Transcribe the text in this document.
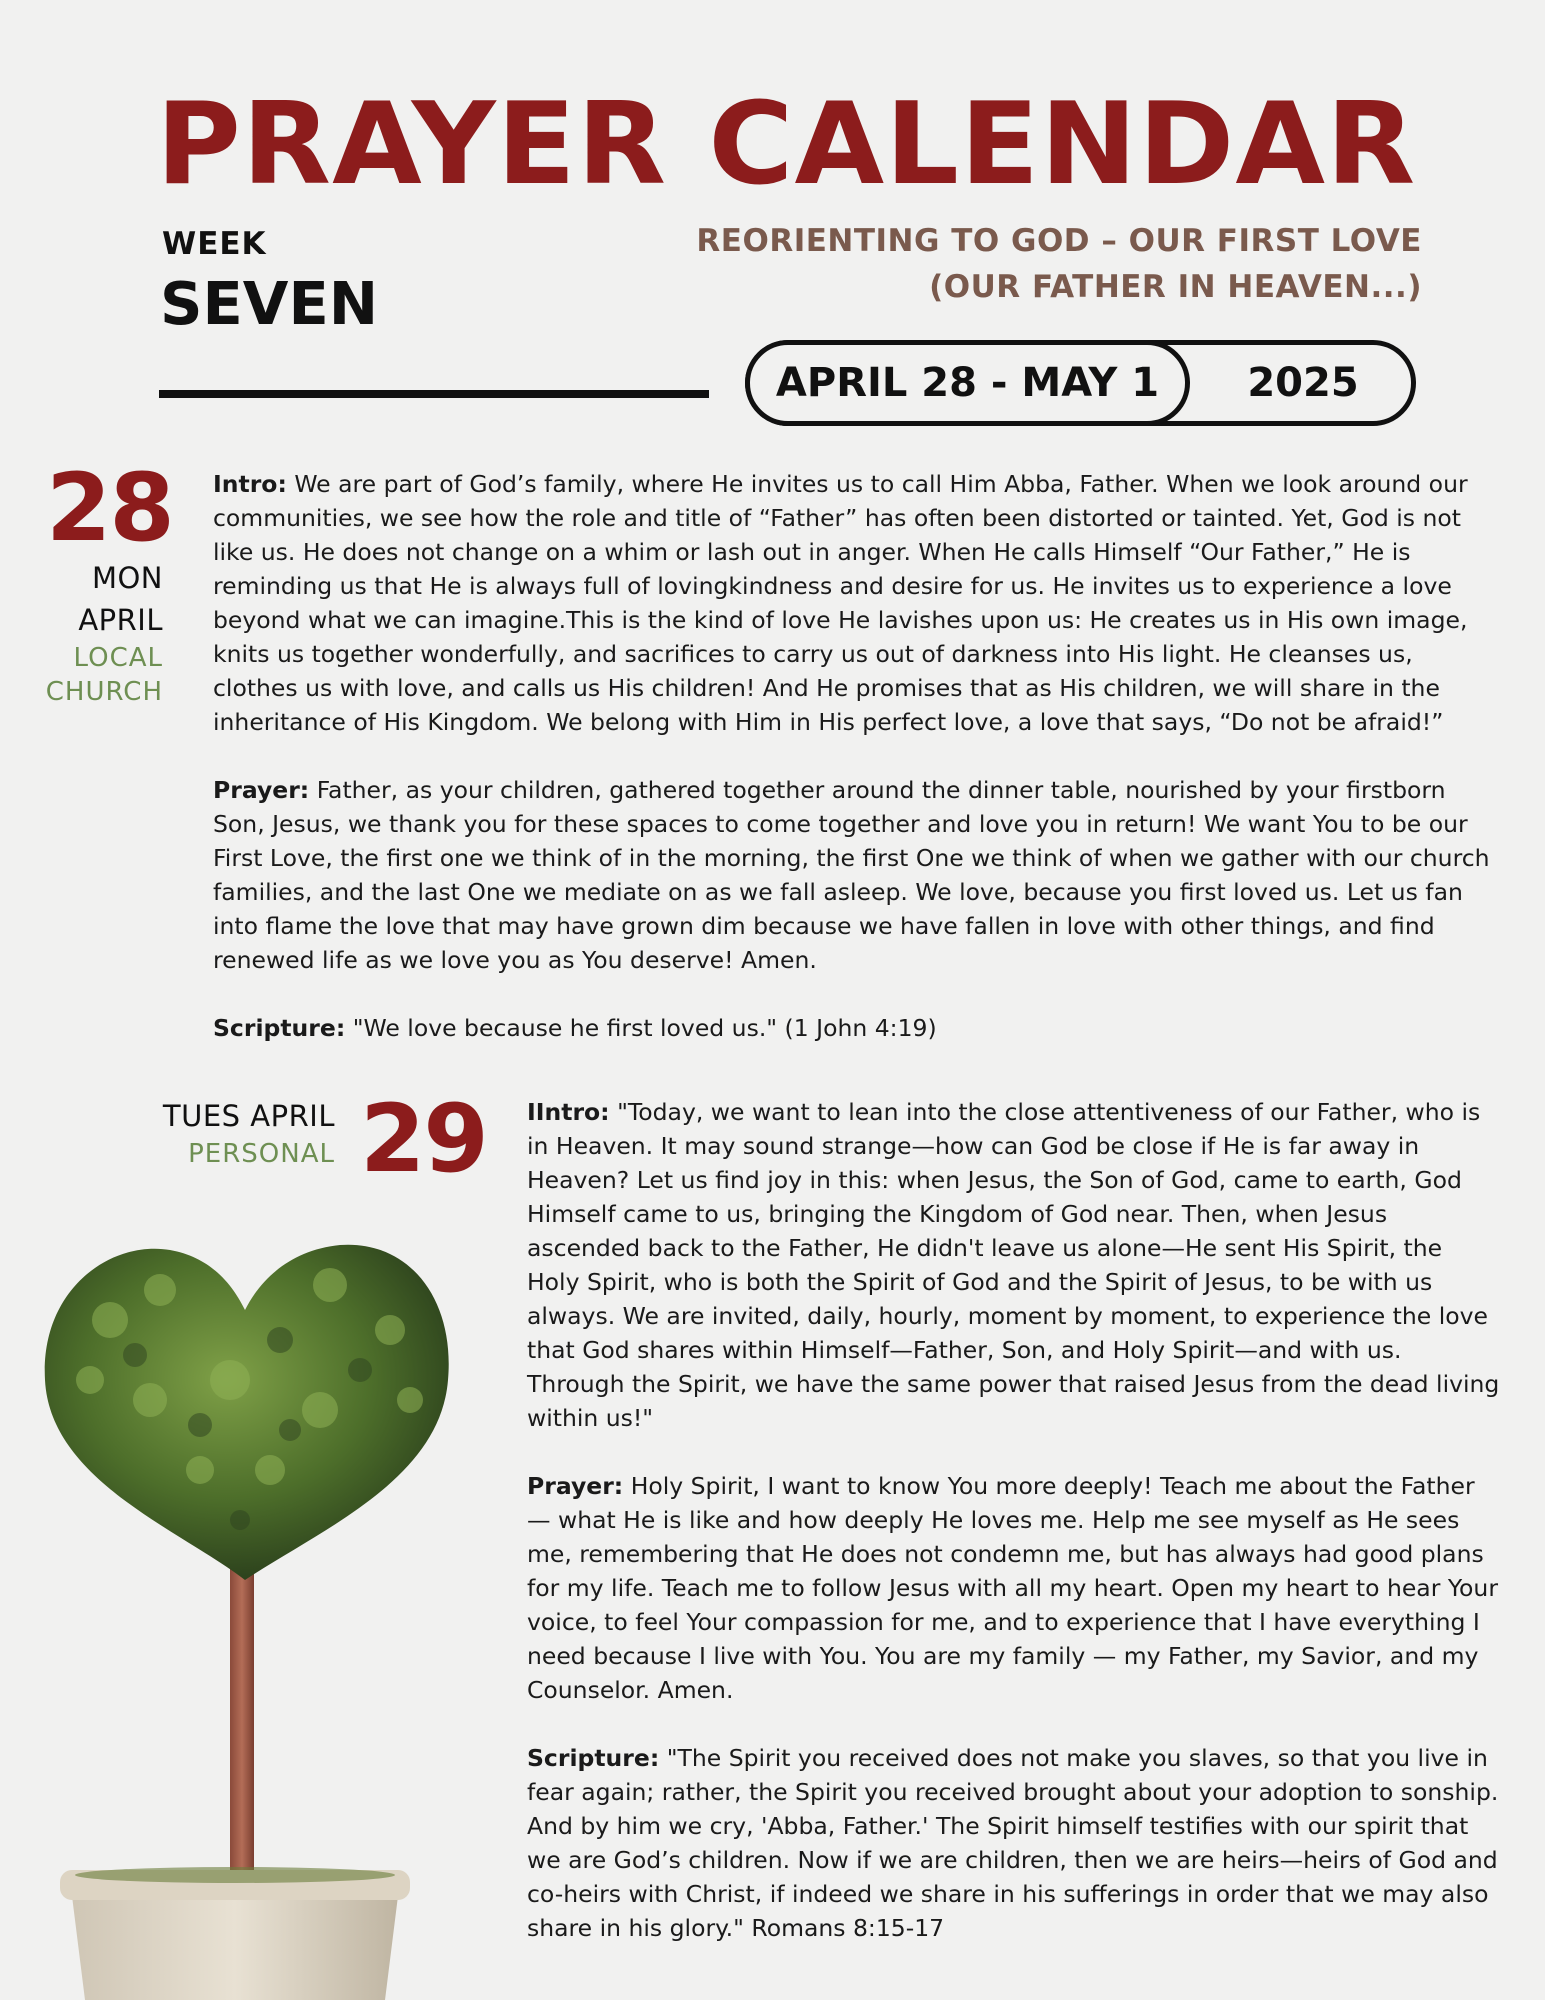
PRAYER CALENDAR
WEEK
SEVEN
REORIENTING TO GOD – OUR FIRST LOVE
(OUR FATHER IN HEAVEN...)
APRIL 28 - MAY 1	2025
28
MON
APRIL
LOCAL
CHURCH

Intro: We are part of God’s family, where He invites us to call Him Abba, Father. When we look around our communities, we see how the role and title of “Father” has often been distorted or tainted. Yet, God is not like us. He does not change on a whim or lash out in anger. When He calls Himself “Our Father,” He is reminding us that He is always full of lovingkindness and desire for us. He invites us to experience a love beyond what we can imagine.This is the kind of love He lavishes upon us: He creates us in His own image, knits us together wonderfully, and sacrifices to carry us out of darkness into His light. He cleanses us, clothes us with love, and calls us His children! And He promises that as His children, we will share in the inheritance of His Kingdom. We belong with Him in His perfect love, a love that says, “Do not be afraid!”

Prayer: Father, as your children, gathered together around the dinner table, nourished by your firstborn Son, Jesus, we thank you for these spaces to come together and love you in return! We want You to be our First Love, the first one we think of in the morning, the first One we think of when we gather with our church families, and the last One we mediate on as we fall asleep. We love, because you first loved us. Let us fan into flame the love that may have grown dim because we have fallen in love with other things, and find renewed life as we love you as You deserve! Amen.

Scripture: "We love because he first loved us." (1 John 4:19)

TUES APRIL
PERSONAL 29 IIntro: "Today, we want to lean into the close attentiveness of our Father, who is in Heaven. It may sound strange—how can God be close if He is far away in Heaven? Let us find joy in this: when Jesus, the Son of God, came to earth, God Himself came to us, bringing the Kingdom of God near. Then, when Jesus ascended back to the Father, He didn't leave us alone—He sent His Spirit, the Holy Spirit, who is both the Spirit of God and the Spirit of Jesus, to be with us always. We are invited, daily, hourly, moment by moment, to experience the love that God shares within Himself—Father, Son, and Holy Spirit—and with us. Through the Spirit, we have the same power that raised Jesus from the dead living within us!"

Prayer: Holy Spirit, I want to know You more deeply! Teach me about the Father — what He is like and how deeply He loves me. Help me see myself as He sees me, remembering that He does not condemn me, but has always had good plans for my life. Teach me to follow Jesus with all my heart. Open my heart to hear Your voice, to feel Your compassion for me, and to experience that I have everything I need because I live with You. You are my family — my Father, my Savior, and my Counselor. Amen.

Scripture: "The Spirit you received does not make you slaves, so that you live in fear again; rather, the Spirit you received brought about your adoption to sonship. And by him we cry, 'Abba, Father.' The Spirit himself testifies with our spirit that we are God’s children. Now if we are children, then we are heirs—heirs of God and co-heirs with Christ, if indeed we share in his sufferings in order that we may also share in his glory." Romans 8:15-17
